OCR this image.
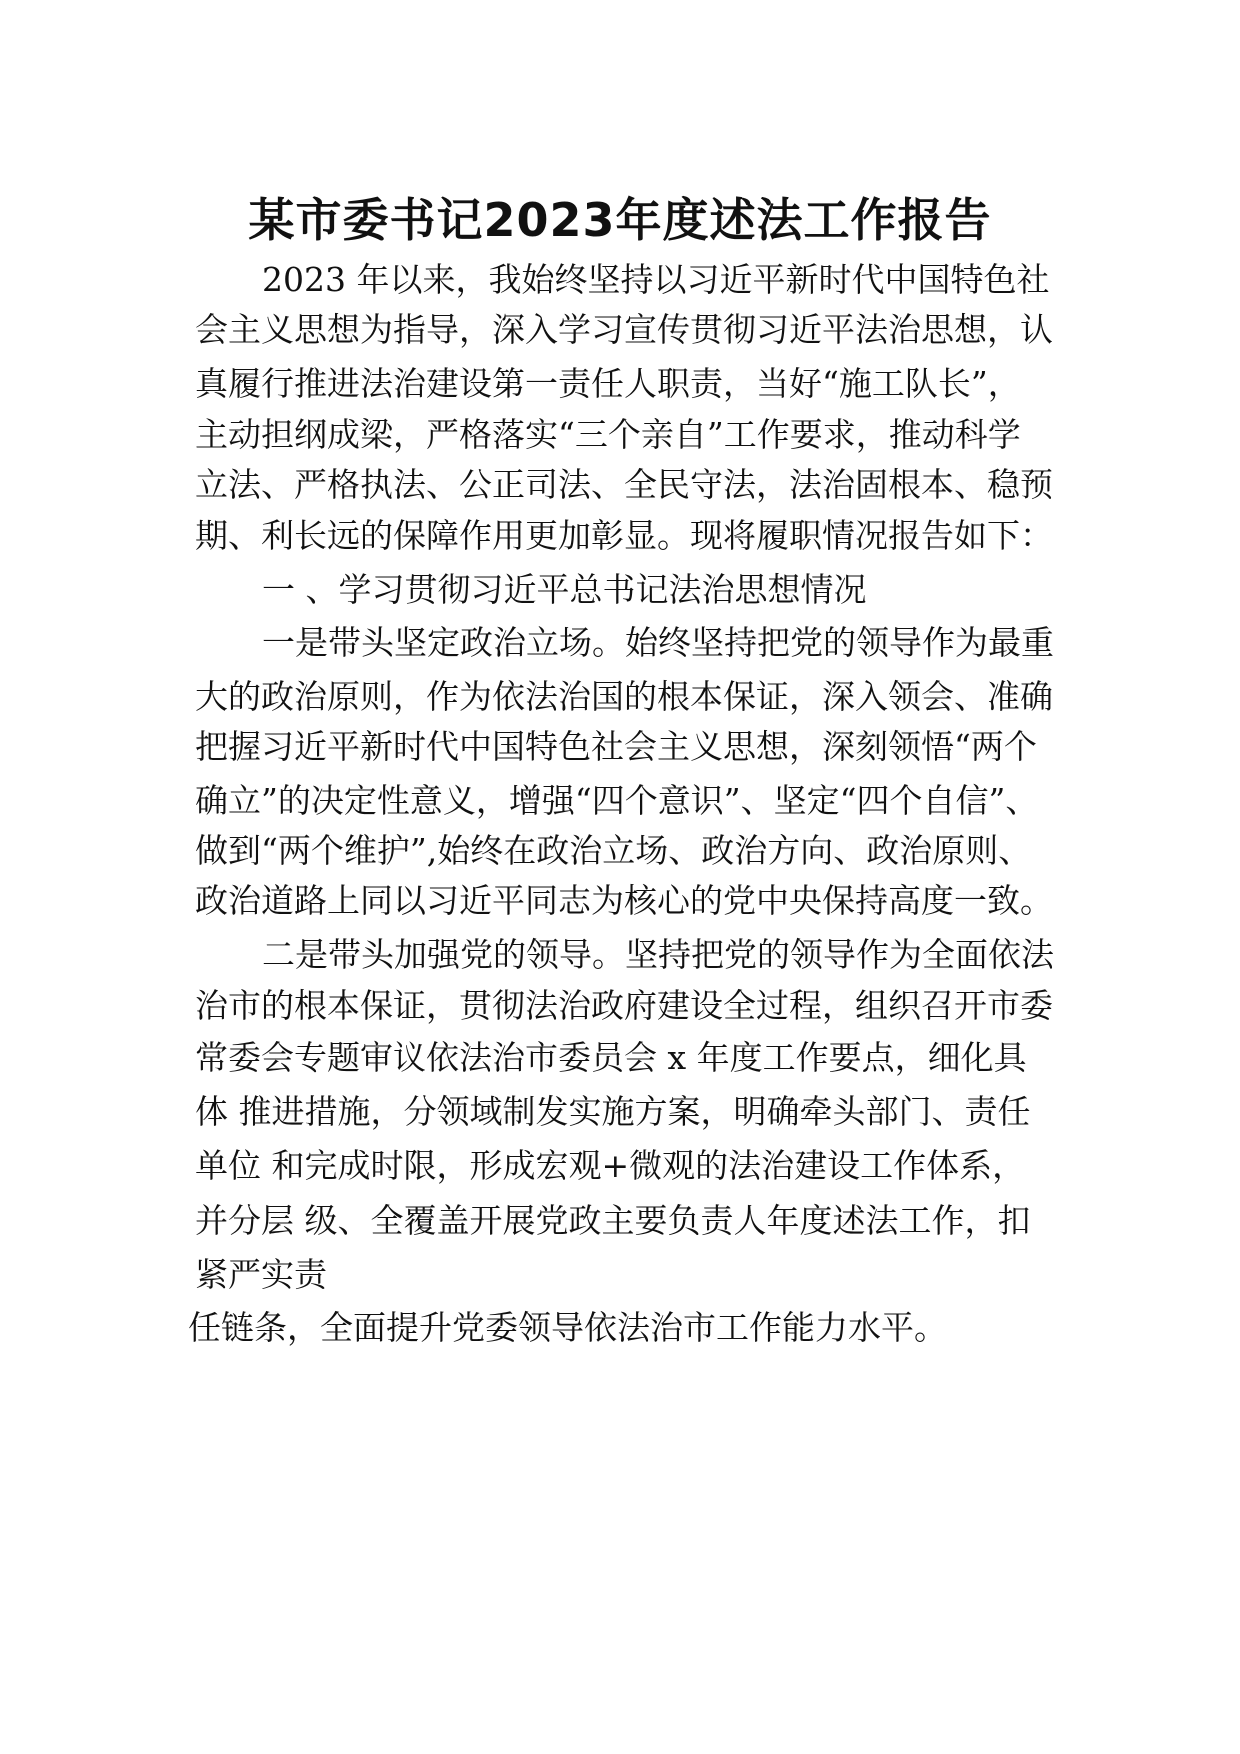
某市委书记2023年度述法工作报告
2023 年以来，我始终坚持以习近平新时代中国特色社
会主义思想为指导，深入学习宣传贯彻习近平法治思想，认
真履行推进法治建设第一责任人职责，当好“施工队长”，
主动担纲成梁，严格落实“三个亲自”工作要求，推动科学
立法、严格执法、公正司法、全民守法，法治固根本、稳预
期、利长远的保障作用更加彰显。现将履职情况报告如下：
一 、学习贯彻习近平总书记法治思想情况
一是带头坚定政治立场。始终坚持把党的领导作为最重
大的政治原则，作为依法治国的根本保证，深入领会、准确
把握习近平新时代中国特色社会主义思想，深刻领悟“两个
确立”的决定性意义，增强“四个意识”、坚定“四个自信”、
做到“两个维护”,始终在政治立场、政治方向、政治原则、
政治道路上同以习近平同志为核心的党中央保持高度一致。
二是带头加强党的领导。坚持把党的领导作为全面依法
治市的根本保证，贯彻法治政府建设全过程，组织召开市委
常委会专题审议依法治市委员会 x 年度工作要点，细化具
体 推进措施，分领域制发实施方案，明确牵头部门、责任
单位 和完成时限，形成宏观+微观的法治建设工作体系，
并分层 级、全覆盖开展党政主要负责人年度述法工作，扣
紧严实责
任链条，全面提升党委领导依法治市工作能力水平。
